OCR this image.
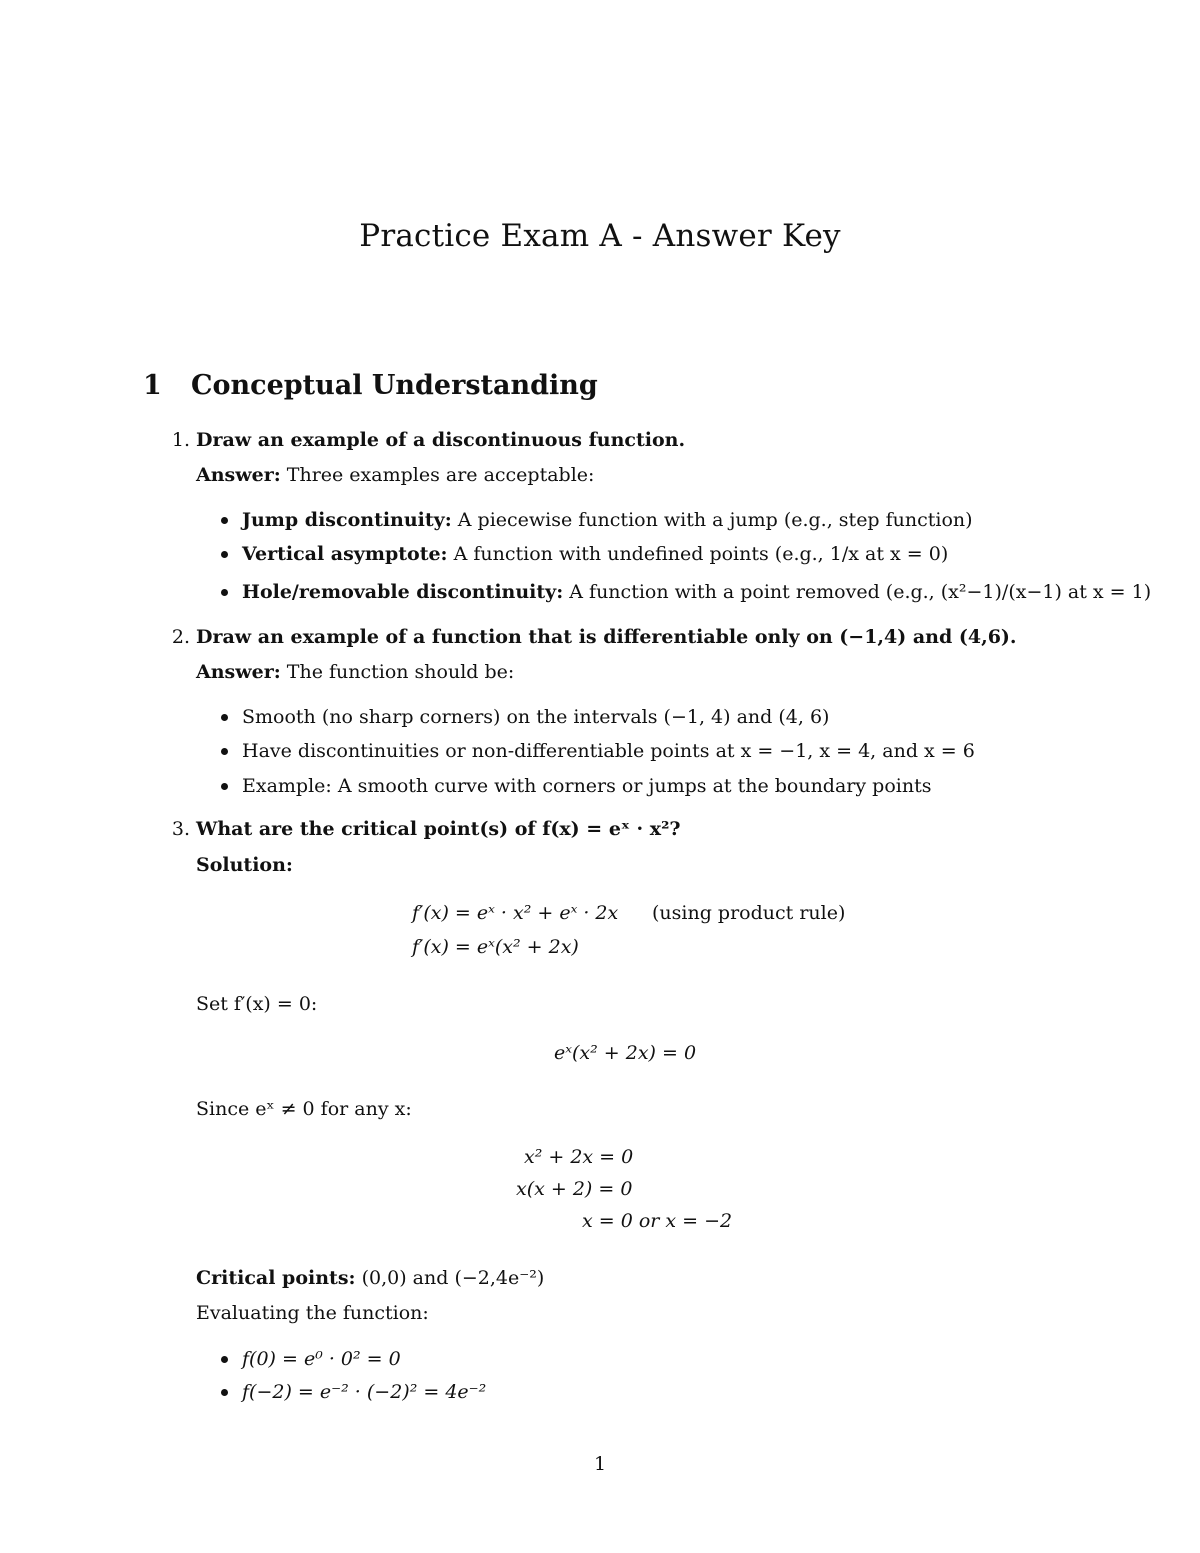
Practice Exam A - Answer Key
1 Conceptual Understanding
1. Draw an example of a discontinuous function.
Answer: Three examples are acceptable:
Jump discontinuity: A piecewise function with a jump (e.g., step function)
Vertical asymptote: A function with undefined points (e.g., 1/x at x = 0)
Hole/removable discontinuity: A function with a point removed (e.g., (x²−1)/(x−1) at x = 1)
2. Draw an example of a function that is differentiable only on (−1,4) and (4,6).
Answer: The function should be:
Smooth (no sharp corners) on the intervals (−1, 4) and (4, 6)
Have discontinuities or non-differentiable points at x = −1, x = 4, and x = 6
Example: A smooth curve with corners or jumps at the boundary points
3. What are the critical point(s) of f(x) = eˣ · x²?
Solution:
f′(x) = eˣ · x² + eˣ · 2x (using product rule)
f′(x) = eˣ(x² + 2x)
Set f′(x) = 0:
eˣ(x² + 2x) = 0
Since eˣ ≠ 0 for any x:
x² + 2x = 0
x(x + 2) = 0
x = 0 or x = −2
Critical points: (0,0) and (−2,4e⁻²)
Evaluating the function:
f(0) = e⁰ · 0² = 0
f(−2) = e⁻² · (−2)² = 4e⁻²
1
